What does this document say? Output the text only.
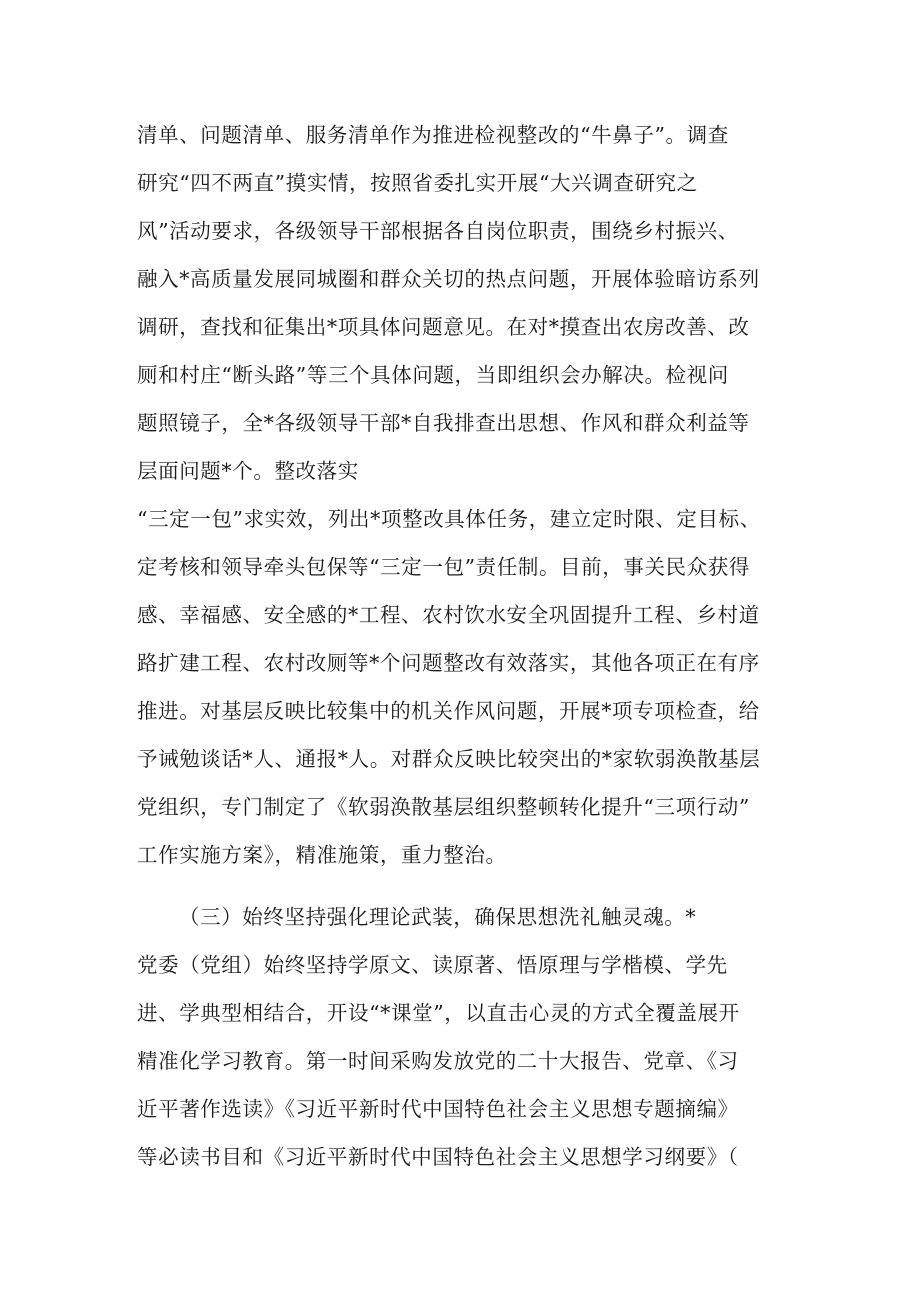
清单、问题清单、服务清单作为推进检视整改的“牛鼻子”。调查
研究“四不两直”摸实情，按照省委扎实开展“大兴调查研究之
风”活动要求，各级领导干部根据各自岗位职责，围绕乡村振兴、
融入*高质量发展同城圈和群众关切的热点问题，开展体验暗访系列
调研，查找和征集出*项具体问题意见。在对*摸查出农房改善、改
厕和村庄“断头路”等三个具体问题，当即组织会办解决。检视问
题照镜子，全*各级领导干部*自我排查出思想、作风和群众利益等
层面问题*个。整改落实
“三定一包”求实效，列出*项整改具体任务，建立定时限、定目标、
定考核和领导牵头包保等“三定一包”责任制。目前，事关民众获得
感、幸福感、安全感的*工程、农村饮水安全巩固提升工程、乡村道
路扩建工程、农村改厕等*个问题整改有效落实，其他各项正在有序
推进。对基层反映比较集中的机关作风问题，开展*项专项检查，给
予诫勉谈话*人、通报*人。对群众反映比较突出的*家软弱涣散基层
党组织，专门制定了《软弱涣散基层组织整顿转化提升“三项行动”
工作实施方案》，精准施策，重力整治。
（三）始终坚持强化理论武装，确保思想洗礼触灵魂。*
党委（党组）始终坚持学原文、读原著、悟原理与学楷模、学先
进、学典型相结合，开设“*课堂”，以直击心灵的方式全覆盖展开
精准化学习教育。第一时间采购发放党的二十大报告、党章、《习
近平著作选读》《习近平新时代中国特色社会主义思想专题摘编》
等必读书目和《习近平新时代中国特色社会主义思想学习纲要》（
